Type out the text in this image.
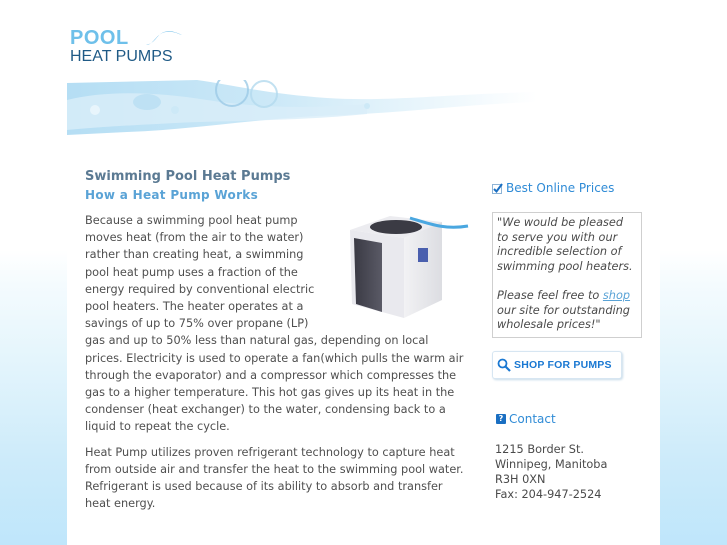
POOL
HEAT PUMPS
Swimming Pool Heat Pumps
How a Heat Pump Works

Because a swimming pool heat pump moves heat (from the air to the water) rather than creating heat, a swimming pool heat pump uses a fraction of the energy required by conventional electric pool heaters. The heater operates at a savings of up to 75% over propane (LP) gas and up to 50% less than natural gas, depending on local prices. Electricity is used to operate a fan(which pulls the warm air through the evaporator) and a compressor which compresses the gas to a higher temperature. This hot gas gives up its heat in the condenser (heat exchanger) to the water, condensing back to a liquid to repeat the cycle.

Heat Pump utilizes proven refrigerant technology to capture heat from outside air and transfer the heat to the swimming pool water. Refrigerant is used because of its ability to absorb and transfer heat energy.

Best Online Prices
"We would be pleased to serve you with our incredible selection of swimming pool heaters.
Please feel free to shop our site for outstanding wholesale prices!"
SHOP FOR PUMPS
? Contact
1215 Border St.
Winnipeg, Manitoba
R3H 0XN
Fax: 204-947-2524
